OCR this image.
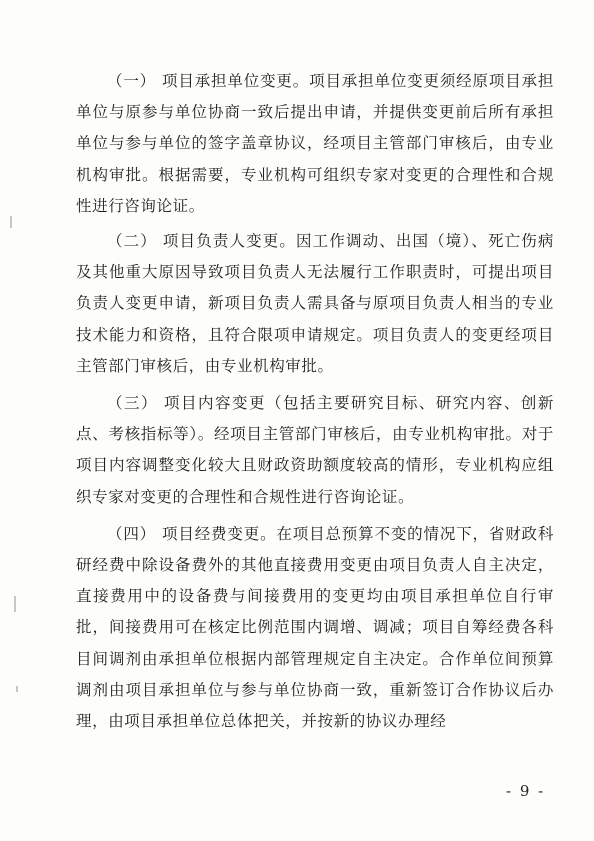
（一） 项目承担单位变更。项目承担单位变更须经原项目承担单位与原参与单位协商一致后提出申请，并提供变更前后所有承担单位与参与单位的签字盖章协议，经项目主管部门审核后，由专业机构审批。根据需要，专业机构可组织专家对变更的合理性和合规性进行咨询论证。

（二） 项目负责人变更。因工作调动、出国（境）、死亡伤病及其他重大原因导致项目负责人无法履行工作职责时，可提出项目负责人变更申请，新项目负责人需具备与原项目负责人相当的专业技术能力和资格，且符合限项申请规定。项目负责人的变更经项目主管部门审核后，由专业机构审批。

（三） 项目内容变更（包括主要研究目标、研究内容、创新点、考核指标等）。经项目主管部门审核后，由专业机构审批。对于项目内容调整变化较大且财政资助额度较高的情形，专业机构应组织专家对变更的合理性和合规性进行咨询论证。

（四） 项目经费变更。在项目总预算不变的情况下，省财政科研经费中除设备费外的其他直接费用变更由项目负责人自主决定，直接费用中的设备费与间接费用的变更均由项目承担单位自行审批，间接费用可在核定比例范围内调增、调减；项目自筹经费各科目间调剂由承担单位根据内部管理规定自主决定。合作单位间预算调剂由项目承担单位与参与单位协商一致，重新签订合作协议后办理，由项目承担单位总体把关，并按新的协议办理经

- 9 -
